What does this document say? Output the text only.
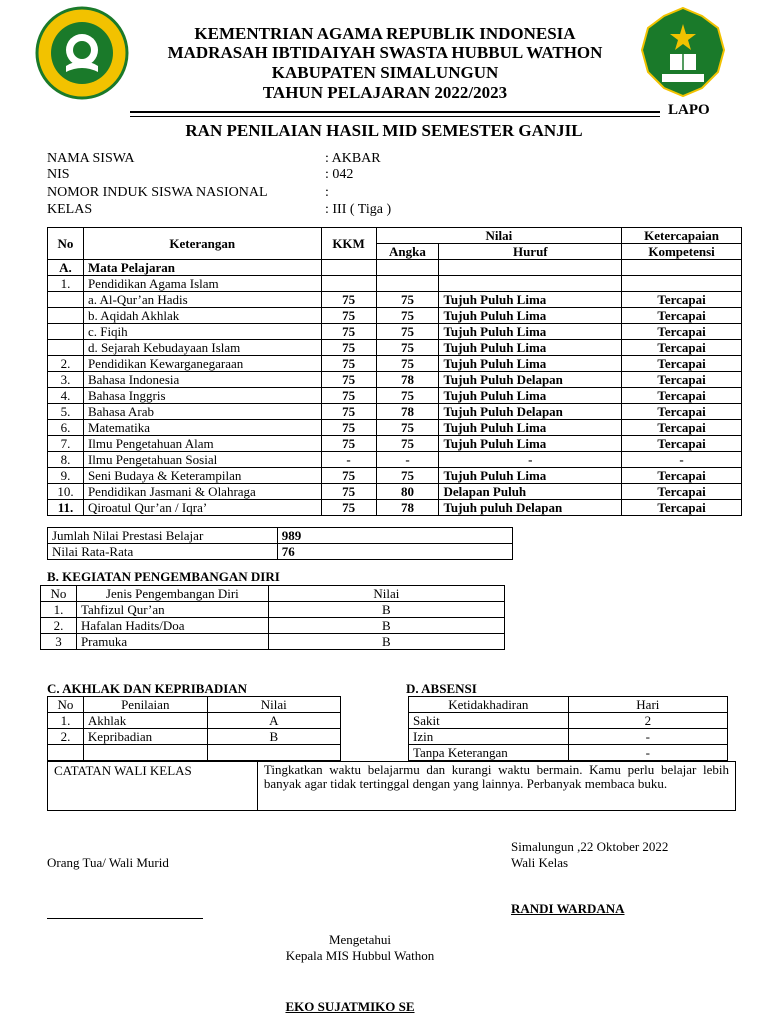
KEMENTRIAN AGAMA REPUBLIK INDONESIA
MADRASAH IBTIDAIYAH SWASTA HUBBUL WATHON
KABUPATEN SIMALUNGUN
TAHUN PELAJARAN 2022/2023
LAPO
RAN PENILAIAN HASIL MID SEMESTER GANJIL
NAMA SISWA	: AKBAR
NIS	: 042
NOMOR INDUK SISWA NASIONAL	:
KELAS	: III ( Tiga )
No	Keterangan	KKM	Nilai		Ketercapaian
			Angka	Huruf	Kompetensi
A.	Mata Pelajaran				
1.	Pendidikan Agama Islam				
	a. Al-Qur’an Hadis	75	75	Tujuh Puluh Lima	Tercapai
	b. Aqidah Akhlak	75	75	Tujuh Puluh Lima	Tercapai
	c. Fiqih	75	75	Tujuh Puluh Lima	Tercapai
	d. Sejarah Kebudayaan Islam	75	75	Tujuh Puluh Lima	Tercapai
2.	Pendidikan Kewarganegaraan	75	75	Tujuh Puluh Lima	Tercapai
3.	Bahasa Indonesia	75	78	Tujuh Puluh Delapan	Tercapai
4.	Bahasa Inggris	75	75	Tujuh Puluh Lima	Tercapai
5.	Bahasa Arab	75	78	Tujuh Puluh Delapan	Tercapai
6.	Matematika	75	75	Tujuh Puluh Lima	Tercapai
7.	Ilmu Pengetahuan Alam	75	75	Tujuh Puluh Lima	Tercapai
8.	Ilmu Pengetahuan Sosial	-	-	-	-
9.	Seni Budaya & Keterampilan	75	75	Tujuh Puluh Lima	Tercapai
10.	Pendidikan Jasmani & Olahraga	75	80	Delapan Puluh	Tercapai
11.	Qiroatul Qur’an / Iqra’	75	78	Tujuh puluh Delapan	Tercapai
Jumlah Nilai Prestasi Belajar	989
Nilai Rata-Rata	76
B. KEGIATAN PENGEMBANGAN DIRI
No	Jenis Pengembangan Diri	Nilai
1.	Tahfizul Qur’an	B
2.	Hafalan Hadits/Doa	B
3	Pramuka	B
C. AKHLAK DAN KEPRIBADIAN
No	Penilaian	Nilai
1.	Akhlak	A
2.	Kepribadian	B

D. ABSENSI
Ketidakhadiran	Hari
Sakit	2
Izin	-
Tanpa Keterangan	-
CATATAN WALI KELAS	Tingkatkan waktu belajarmu dan kurangi waktu bermain. Kamu perlu belajar lebih banyak agar tidak tertinggal dengan yang lainnya. Perbanyak membaca buku.
Simalungun ,22 Oktober 2022
Wali Kelas
Orang Tua/ Wali Murid
RANDI WARDANA
Mengetahui
Kepala MIS Hubbul Wathon
EKO SUJATMIKO SE
